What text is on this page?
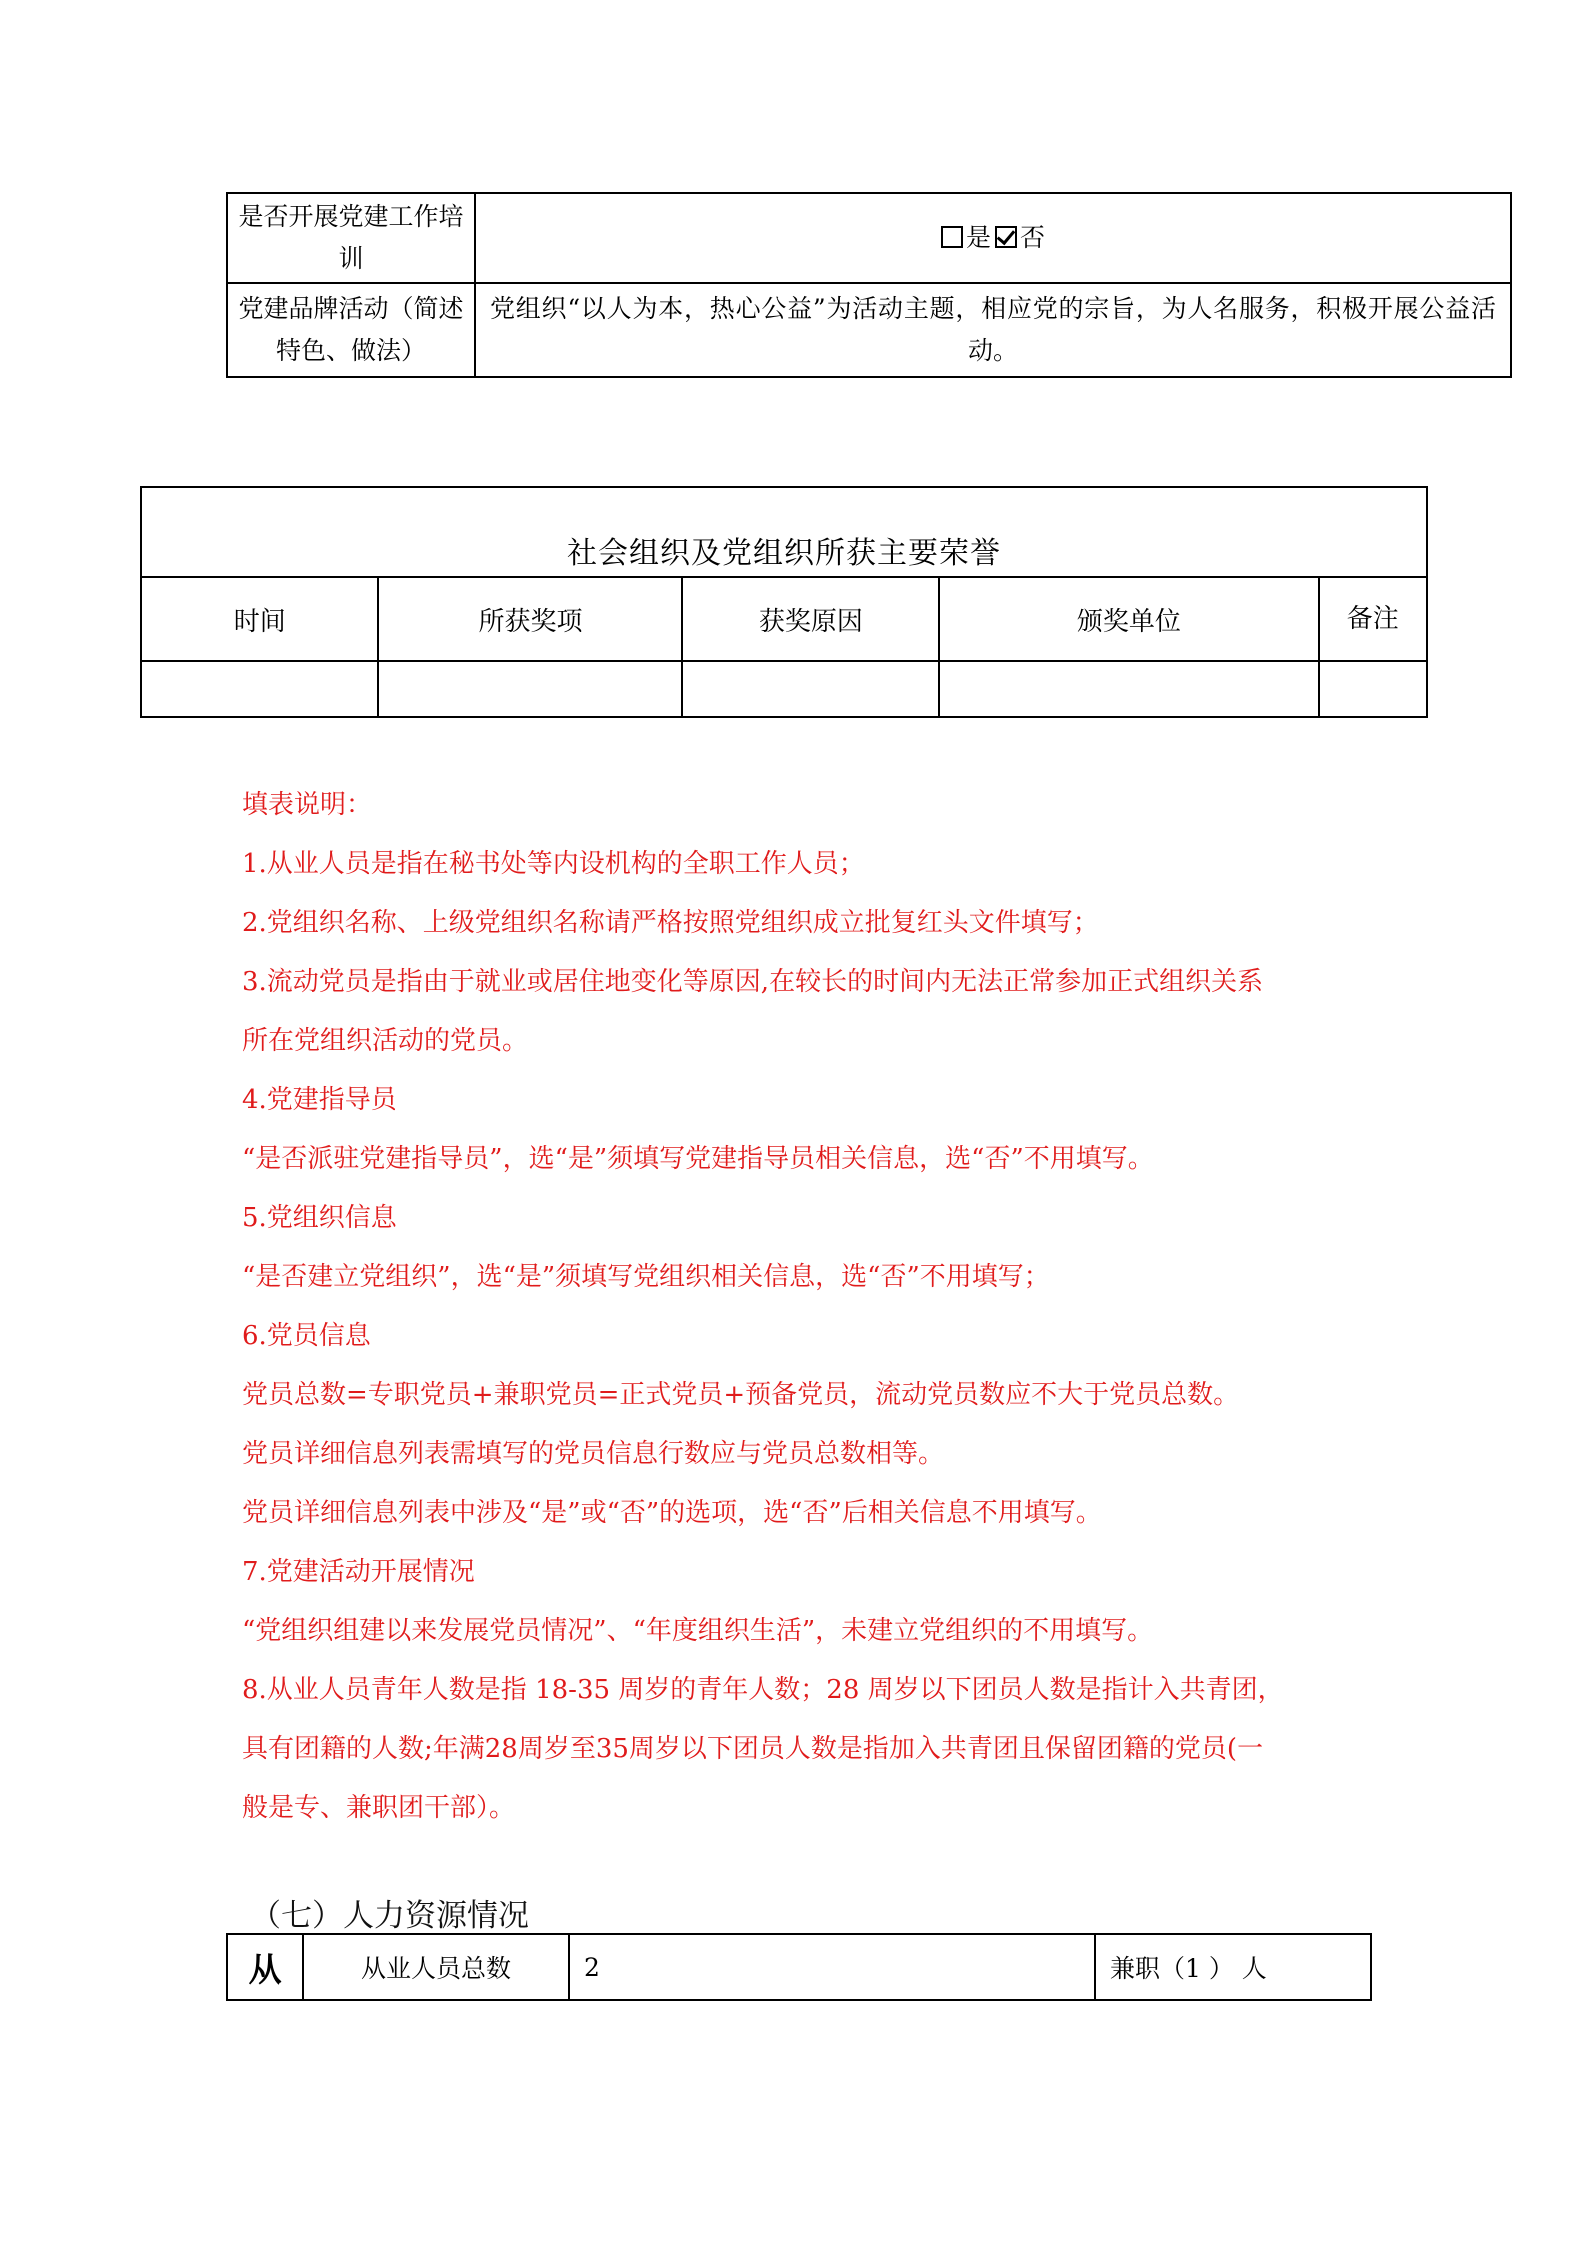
是否开展党建工作培训	是 否
党建品牌活动（简述特色、做法）	党组织“以人为本，热心公益”为活动主题，相应党的宗旨，为人名服务，积极开展公益活动。
社会组织及党组织所获主要荣誉				
时间	所获奖项	获奖原因	颁奖单位	备注

填表说明：
1.从业人员是指在秘书处等内设机构的全职工作人员；
2.党组织名称、上级党组织名称请严格按照党组织成立批复红头文件填写；
3.流动党员是指由于就业或居住地变化等原因,在较长的时间内无法正常参加正式组织关系
所在党组织活动的党员。
4.党建指导员
“是否派驻党建指导员”，选“是”须填写党建指导员相关信息，选“否”不用填写。
5.党组织信息
“是否建立党组织”，选“是”须填写党组织相关信息，选“否”不用填写；
6.党员信息
党员总数=专职党员+兼职党员=正式党员+预备党员，流动党员数应不大于党员总数。
党员详细信息列表需填写的党员信息行数应与党员总数相等。
党员详细信息列表中涉及“是”或“否”的选项，选“否”后相关信息不用填写。
7.党建活动开展情况
“党组织组建以来发展党员情况”、“年度组织生活”，未建立党组织的不用填写。
8.从业人员青年人数是指 18-35 周岁的青年人数；28 周岁以下团员人数是指计入共青团，
具有团籍的人数;年满28周岁至35周岁以下团员人数是指加入共青团且保留团籍的党员(一
般是专、兼职团干部）。
（七）人力资源情况
从	从业人员总数	2	兼职（1 ） 人
